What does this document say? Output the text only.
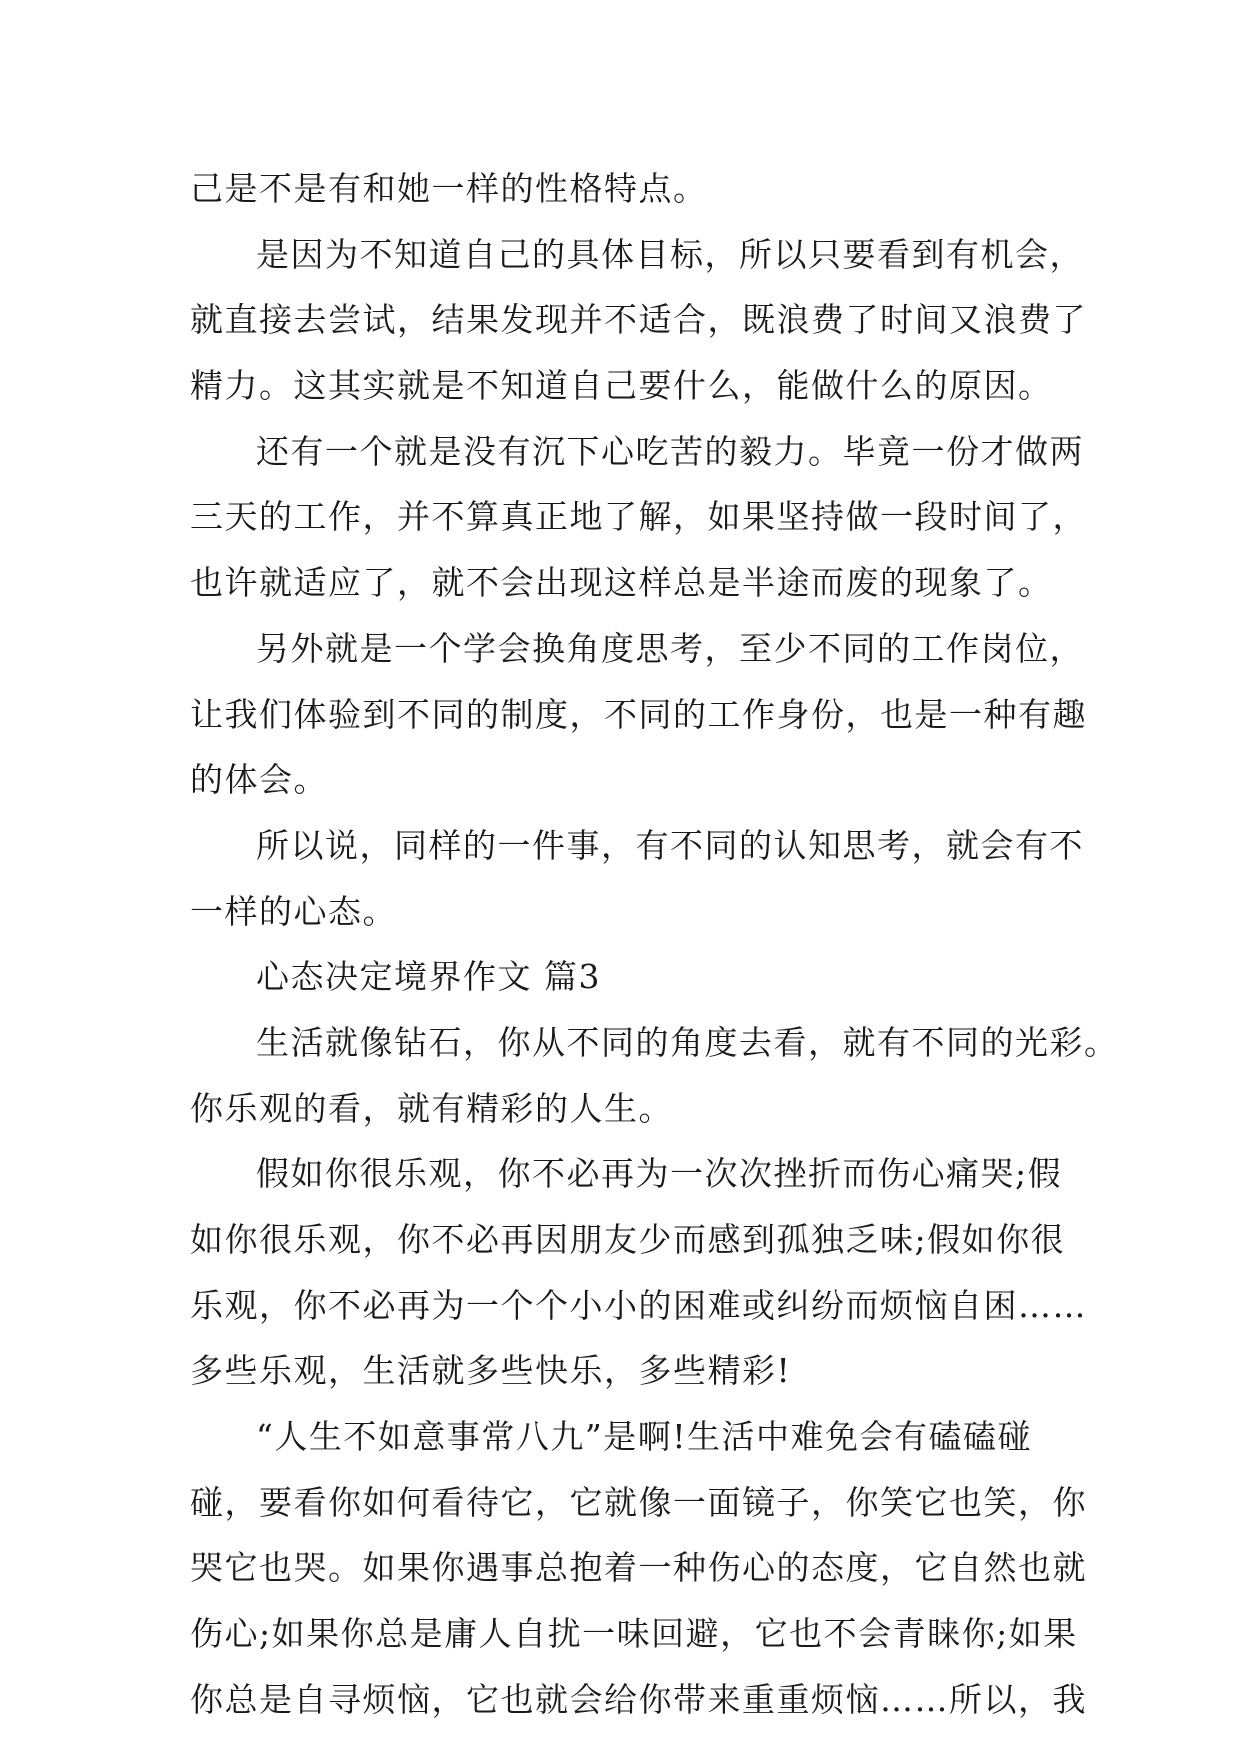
己是不是有和她一样的性格特点。
是因为不知道自己的具体目标，所以只要看到有机会，
就直接去尝试，结果发现并不适合，既浪费了时间又浪费了
精力。这其实就是不知道自己要什么，能做什么的原因。
还有一个就是没有沉下心吃苦的毅力。毕竟一份才做两
三天的工作，并不算真正地了解，如果坚持做一段时间了，
也许就适应了，就不会出现这样总是半途而废的现象了。
另外就是一个学会换角度思考，至少不同的工作岗位，
让我们体验到不同的制度，不同的工作身份，也是一种有趣
的体会。
所以说，同样的一件事，有不同的认知思考，就会有不
一样的心态。
心态决定境界作文 篇3
生活就像钻石，你从不同的角度去看，就有不同的光彩。
你乐观的看，就有精彩的人生。
假如你很乐观，你不必再为一次次挫折而伤心痛哭;假
如你很乐观，你不必再因朋友少而感到孤独乏味;假如你很
乐观，你不必再为一个个小小的困难或纠纷而烦恼自困……
多些乐观，生活就多些快乐，多些精彩!
“人生不如意事常八九”是啊!生活中难免会有磕磕碰
碰，要看你如何看待它，它就像一面镜子，你笑它也笑，你
哭它也哭。如果你遇事总抱着一种伤心的态度，它自然也就
伤心;如果你总是庸人自扰一味回避，它也不会青睐你;如果
你总是自寻烦恼，它也就会给你带来重重烦恼……所以，我
